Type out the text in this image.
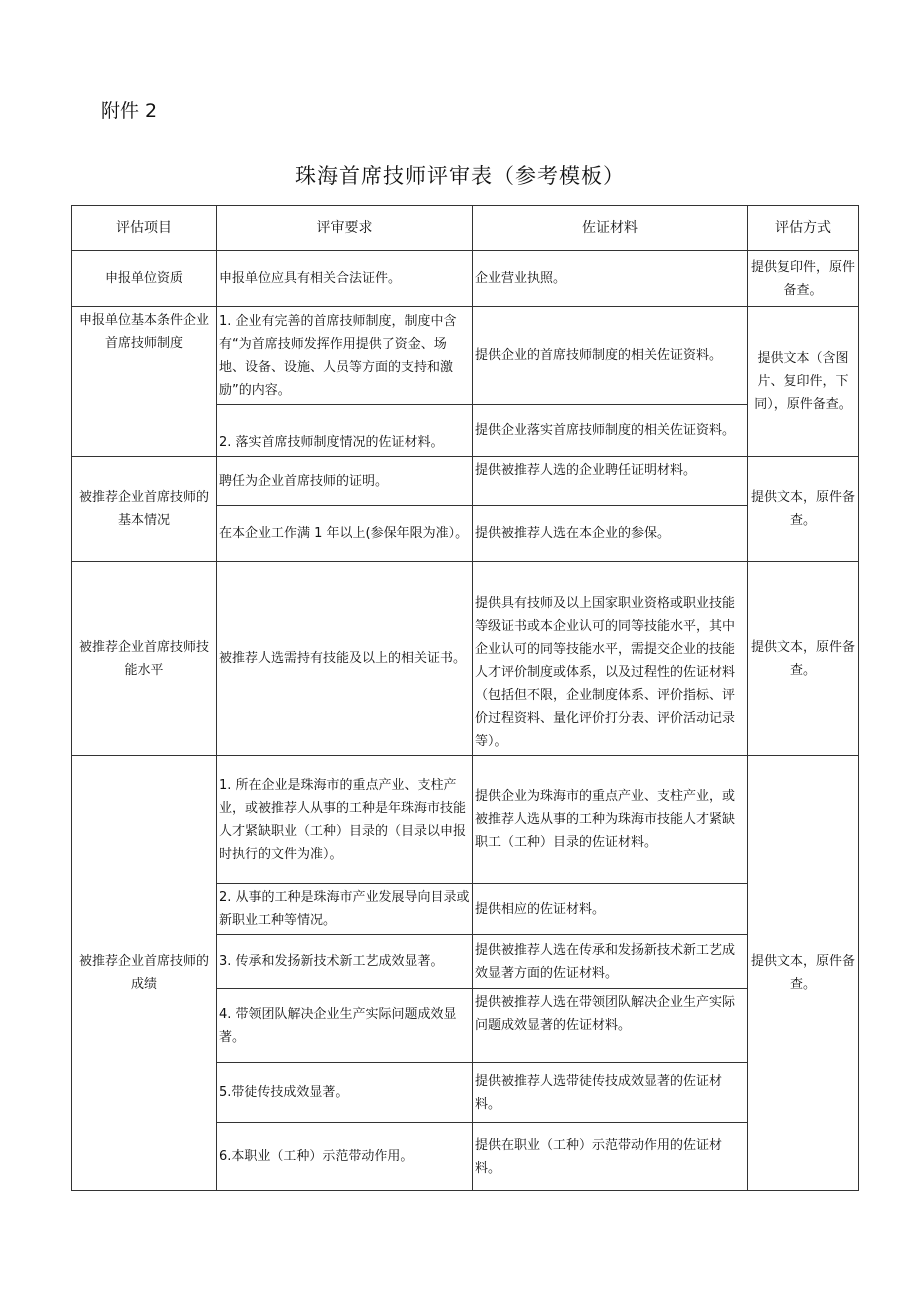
附件 2
珠海首席技师评审表（参考模板）
评估项目	评审要求	佐证材料	评估方式
申报单位资质	申报单位应具有相关合法证件。	企业营业执照。	提供复印件，原件备查。
申报单位基本条件企业首席技师制度	1. 企业有完善的首席技师制度，制度中含有“为首席技师发挥作用提供了资金、场地、设备、设施、人员等方面的支持和激励”的内容。	提供企业的首席技师制度的相关佐证资料。	提供文本（含图片、复印件，下同），原件备查。
	2. 落实首席技师制度情况的佐证材料。	提供企业落实首席技师制度的相关佐证资料。	
被推荐企业首席技师的基本情况	聘任为企业首席技师的证明。	提供被推荐人选的企业聘任证明材料。	提供文本，原件备查。
	在本企业工作满 1 年以上(参保年限为准）。	提供被推荐人选在本企业的参保。	
被推荐企业首席技师技能水平	被推荐人选需持有技能及以上的相关证书。	提供具有技师及以上国家职业资格或职业技能等级证书或本企业认可的同等技能水平，其中企业认可的同等技能水平，需提交企业的技能人才评价制度或体系，以及过程性的佐证材料（包括但不限，企业制度体系、评价指标、评价过程资料、量化评价打分表、评价活动记录等）。	提供文本，原件备查。
被推荐企业首席技师的成绩	1. 所在企业是珠海市的重点产业、支柱产业，或被推荐人从事的工种是年珠海市技能人才紧缺职业（工种）目录的（目录以申报时执行的文件为准）。	提供企业为珠海市的重点产业、支柱产业，或被推荐人选从事的工种为珠海市技能人才紧缺职工（工种）目录的佐证材料。	提供文本，原件备查。
	2. 从事的工种是珠海市产业发展导向目录或新职业工种等情况。	提供相应的佐证材料。	
	3. 传承和发扬新技术新工艺成效显著。	提供被推荐人选在传承和发扬新技术新工艺成效显著方面的佐证材料。	
	4. 带领团队解决企业生产实际问题成效显著。	提供被推荐人选在带领团队解决企业生产实际问题成效显著的佐证材料。	
	5.带徒传技成效显著。	提供被推荐人选带徒传技成效显著的佐证材料。	
	6.本职业（工种）示范带动作用。	提供在职业（工种）示范带动作用的佐证材料。	
